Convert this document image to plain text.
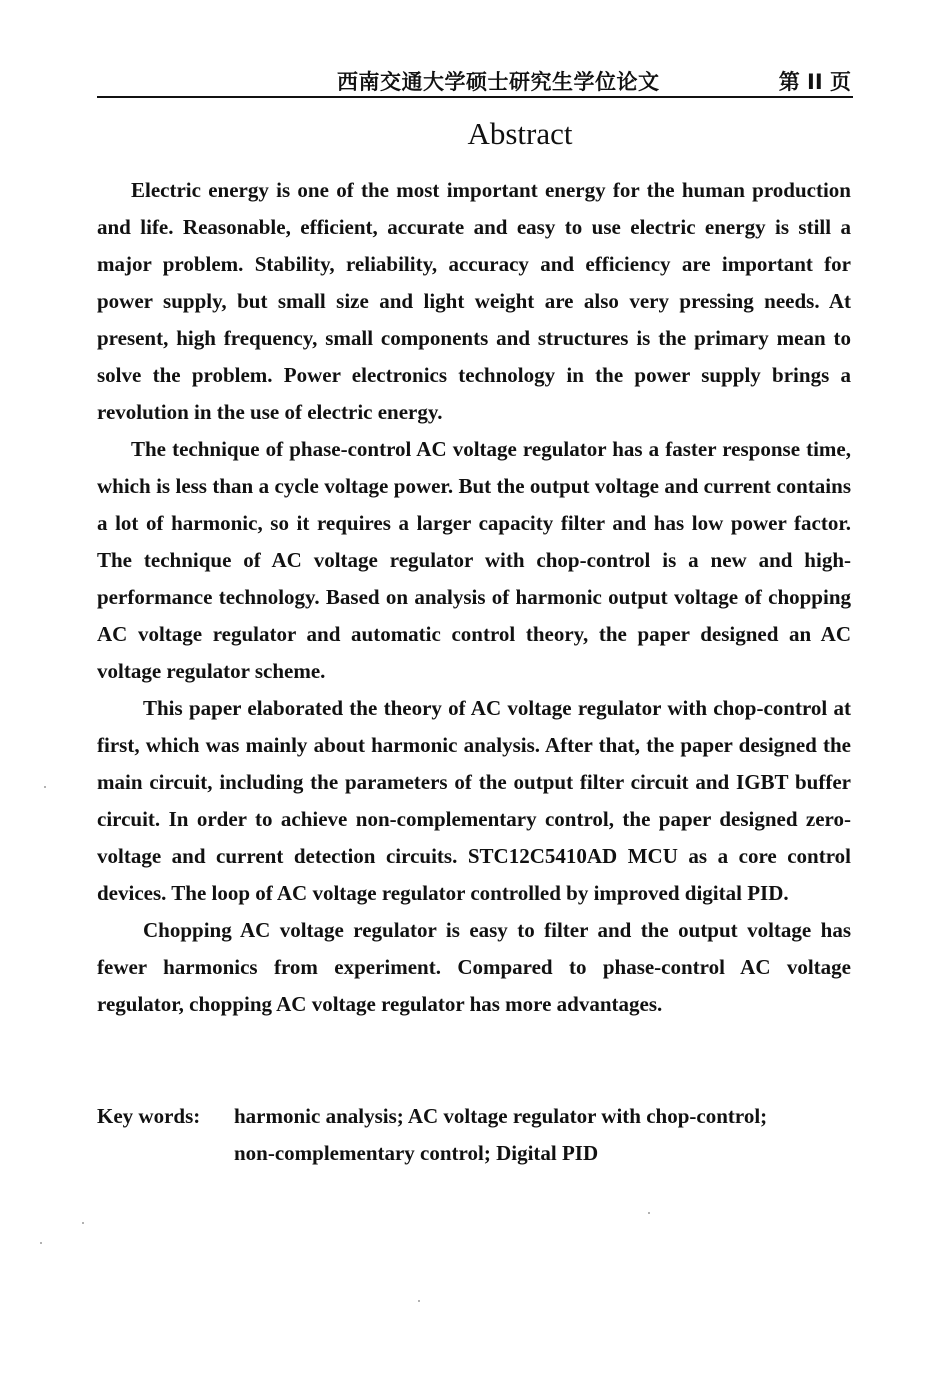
西南交通大学硕士研究生学位论文	第 II 页
Abstract

Electric energy is one of the most important energy for the human production and life. Reasonable, efficient, accurate and easy to use electric energy is still a major problem. Stability, reliability, accuracy and efficiency are important for power supply, but small size and light weight are also very pressing needs. At present, high frequency, small components and structures is the primary mean to solve the problem. Power electronics technology in the power supply brings a revolution in the use of electric energy.

The technique of phase-control AC voltage regulator has a faster response time, which is less than a cycle voltage power. But the output voltage and current contains a lot of harmonic, so it requires a larger capacity filter and has low power factor. The technique of AC voltage regulator with chop-control is a new and high-performance technology. Based on analysis of harmonic output voltage of chopping AC voltage regulator and automatic control theory, the paper designed an AC voltage regulator scheme.

This paper elaborated the theory of AC voltage regulator with chop-control at first, which was mainly about harmonic analysis. After that, the paper designed the main circuit, including the parameters of the output filter circuit and IGBT buffer circuit. In order to achieve non-complementary control, the paper designed zero-voltage and current detection circuits. STC12C5410AD MCU as a core control devices. The loop of AC voltage regulator controlled by improved digital PID.

Chopping AC voltage regulator is easy to filter and the output voltage has fewer harmonics from experiment. Compared to phase-control AC voltage regulator, chopping AC voltage regulator has more advantages.

Key words: harmonic analysis; AC voltage regulator with chop-control;
non-complementary control; Digital PID
